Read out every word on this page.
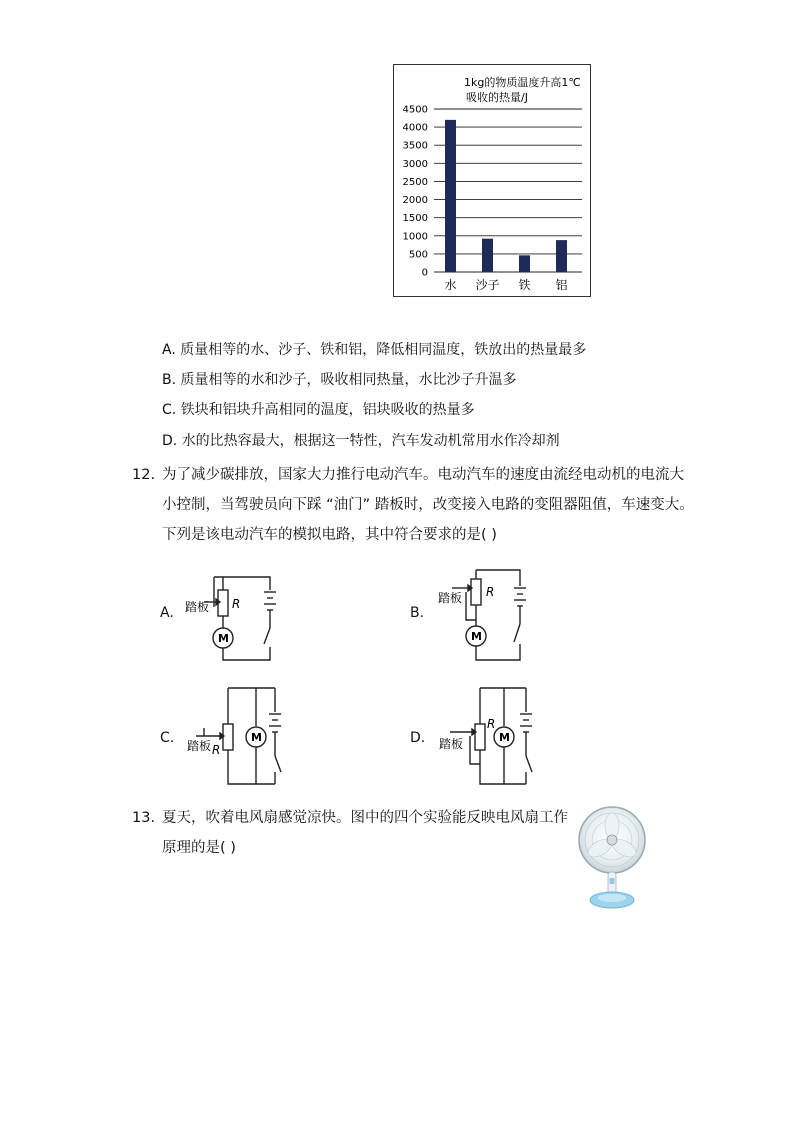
1kg的物质温度升高1℃
吸收的热量/J
0
500
1000
1500
2000
2500
3000
3500
4000
4500
水 沙子 铁 铝
A. 质量相等的水、沙子、铁和铝，降低相同温度，铁放出的热量最多
B. 质量相等的水和沙子，吸收相同热量，水比沙子升温多
C. 铁块和铝块升高相同的温度，铝块吸收的热量多
D. 水的比热容最大，根据这一特性，汽车发动机常用水作冷却剂
12. 为了减少碳排放，国家大力推行电动汽车。电动汽车的速度由流经电动机的电流大
小控制，当驾驶员向下踩 “油门” 踏板时，改变接入电路的变阻器阻值，车速变大。
下列是该电动汽车的模拟电路，其中符合要求的是( )
A. 踏板 R
M
B.
踏板 R
M
C. 踏板 R
M	D. 踏板
R
M
13. 夏天，吹着电风扇感觉凉快。图中的四个实验能反映电风扇工作
原理的是( )
